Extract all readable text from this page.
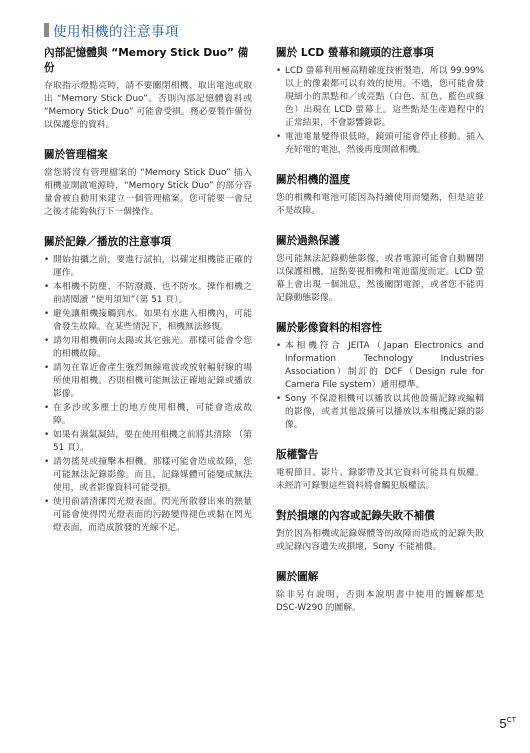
使用相機的注意事項
內部記憶體與 “Memory Stick Duo” 備份

存取指示燈點亮時，請不要關閉相機、取出電池或取出 “Memory Stick Duo”。否則內部記憶體資料或 “Memory Stick Duo” 可能會受損。務必要製作備份以保護您的資料。

關於管理檔案

當您將沒有管理檔案的 “Memory Stick Duo” 插入相機並開啟電源時，“Memory Stick Duo” 的部分容量會被自動用來建立一個管理檔案。您可能要一會兒之後才能夠執行下一個操作。

關於記錄／播放的注意事項
• 開始拍攝之前，要進行試拍，以確定相機能正確的運作。
• 本相機不防塵、不防潑濺、也不防水。操作相機之前請閱讀 “使用須知”（第 51 頁）。
• 避免讓相機接觸到水。如果有水進入相機內，可能會發生故障。在某些情況下，相機無法修復。
• 請勿用相機朝向太陽或其它強光。那樣可能會令您的相機故障。
• 請勿在靠近會產生強烈無線電波或放射輻射線的場所使用相機。否則相機可能無法正確地記錄或播放影像。
• 在多沙或多塵土的地方使用相機，可能會造成故障。
• 如果有濕氣凝結，要在使用相機之前將其清除 （第 51 頁）。
• 請勿搖晃或撞擊本相機。那樣可能會造成故障，您可能無法記錄影像。而且，記錄媒體可能變成無法使用，或者影像資料可能受損。
• 使用前請清潔閃光燈表面。閃光所散發出來的熱量可能會使得閃光燈表面的污跡變得褪色或黏在閃光燈表面，而造成散發的光線不足。
關於 LCD 螢幕和鏡頭的注意事項
• LCD 螢幕利用極高精確度技術製造，所以 99.99% 以上的像素都可以有效的使用。不過，您可能會發現細小的黑點和／或亮點（白色、紅色、藍色或綠色）出現在 LCD 螢幕上。這些點是生產過程中的正常結果，不會影響錄影。
• 電池電量變得很低時，鏡頭可能會停止移動。插入充好電的電池，然後再度開啟相機。
關於相機的溫度

您的相機和電池可能因為持續使用而變熱，但是這並不是故障。

關於過熱保護

您可能無法記錄動態影像，或者電源可能會自動關閉以保護相機，這點要視相機和電池溫度而定。LCD 螢幕上會出現一個訊息，然後關閉電源，或者您不能再記錄動態影像。

關於影像資料的相容性
• 本相機符合 JEITA（Japan Electronics and Information Technology Industries Association）制訂的 DCF（Design rule for Camera File system）通用標準。
• Sony 不保證相機可以播放以其他設備記錄或編輯的影像，或者其他設備可以播放以本相機記錄的影像。
版權警告

電視節目、影片、錄影帶及其它資料可能具有版權。未經許可錄製這些資料將會觸犯版權法。

對於損壞的內容或記錄失敗不補償

對於因為相機或記錄媒體等的故障而造成的記錄失敗或記錄內容遺失或損壞，Sony 不能補償。

關於圖解

除非另有說明，否則本說明書中使用的圖解都是 DSC-W290 的圖解。

$5^{CT}$
